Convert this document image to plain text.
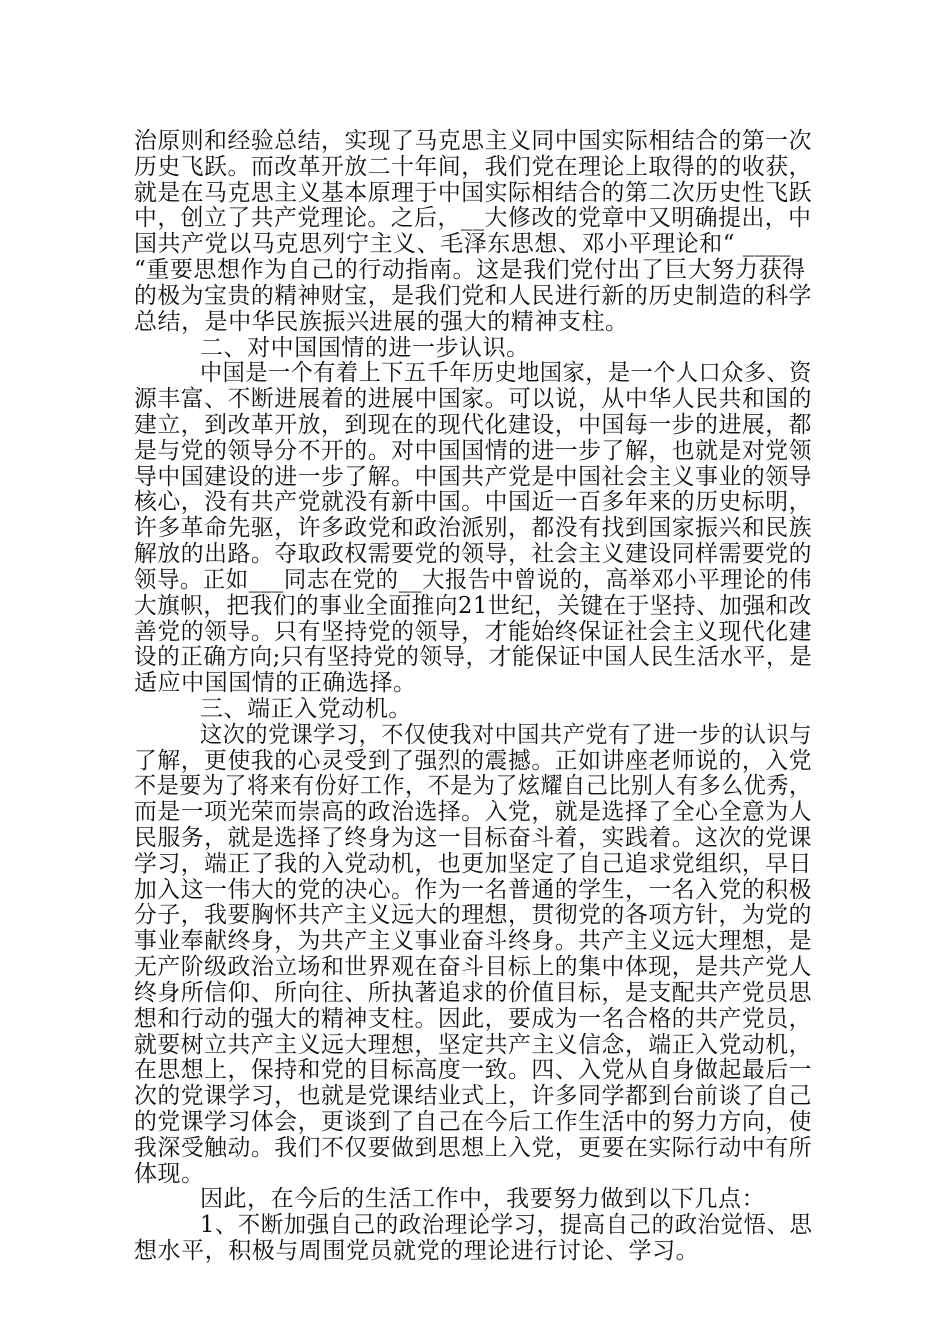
治原则和经验总结，实现了马克思主义同中国实际相结合的第一次
历史飞跃。而改革开放二十年间，我们党在理论上取得的的收获，
就是在马克思主义基本原理于中国实际相结合的第二次历史性飞跃
中，创立了共产党理论。之后，__大修改的党章中又明确提出，中
国共产党以马克思列宁主义、毛泽东思想、邓小平理论和“ ____
“重要思想作为自己的行动指南。这是我们党付出了巨大努力获得
的极为宝贵的精神财宝，是我们党和人民进行新的历史制造的科学
总结，是中华民族振兴进展的强大的精神支柱。
二、对中国国情的进一步认识。
中国是一个有着上下五千年历史地国家，是一个人口众多、资
源丰富、不断进展着的进展中国家。可以说，从中华人民共和国的
建立，到改革开放，到现在的现代化建设，中国每一步的进展，都
是与党的领导分不开的。对中国国情的进一步了解，也就是对党领
导中国建设的进一步了解。中国共产党是中国社会主义事业的领导
核心，没有共产党就没有新中国。中国近一百多年来的历史标明，
许多革命先驱，许多政党和政治派别，都没有找到国家振兴和民族
解放的出路。夺取政权需要党的领导，社会主义建设同样需要党的
领导。正如___同志在党的__大报告中曾说的，高举邓小平理论的伟
大旗帜，把我们的事业全面推向21世纪，关键在于坚持、加强和改
善党的领导。只有坚持党的领导，才能始终保证社会主义现代化建
设的正确方向;只有坚持党的领导，才能保证中国人民生活水平，是
适应中国国情的正确选择。
三、端正入党动机。
这次的党课学习，不仅使我对中国共产党有了进一步的认识与
了解，更使我的心灵受到了强烈的震撼。正如讲座老师说的，入党
不是要为了将来有份好工作，不是为了炫耀自己比别人有多么优秀，
而是一项光荣而崇高的政治选择。入党，就是选择了全心全意为人
民服务，就是选择了终身为这一目标奋斗着，实践着。这次的党课
学习，端正了我的入党动机，也更加坚定了自己追求党组织，早日
加入这一伟大的党的决心。作为一名普通的学生，一名入党的积极
分子，我要胸怀共产主义远大的理想，贯彻党的各项方针，为党的
事业奉献终身，为共产主义事业奋斗终身。共产主义远大理想，是
无产阶级政治立场和世界观在奋斗目标上的集中体现，是共产党人
终身所信仰、所向往、所执著追求的价值目标，是支配共产党员思
想和行动的强大的精神支柱。因此，要成为一名合格的共产党员，
就要树立共产主义远大理想，坚定共产主义信念，端正入党动机，
在思想上，保持和党的目标高度一致。四、入党从自身做起最后一
次的党课学习，也就是党课结业式上，许多同学都到台前谈了自己
的党课学习体会，更谈到了自己在今后工作生活中的努力方向，使
我深受触动。我们不仅要做到思想上入党，更要在实际行动中有所
体现。
因此，在今后的生活工作中，我要努力做到以下几点：
1、不断加强自己的政治理论学习，提高自己的政治觉悟、思
想水平，积极与周围党员就党的理论进行讨论、学习。
